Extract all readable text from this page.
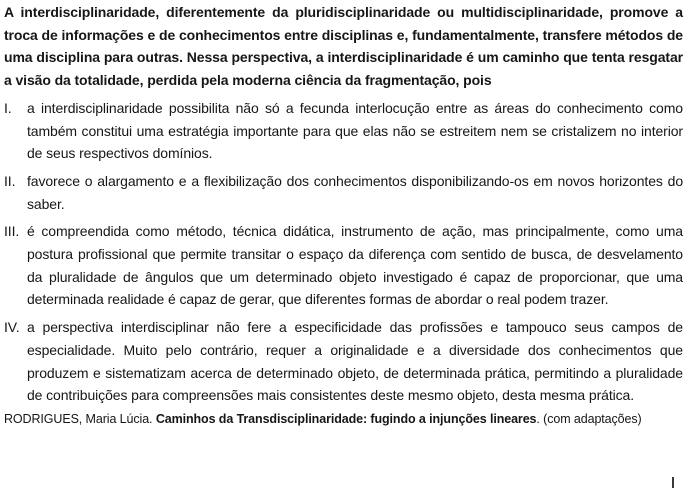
A interdisciplinaridade, diferentemente da pluridisciplinaridade ou multidisciplinaridade, promove a troca de informações e de conhecimentos entre disciplinas e, fundamentalmente, transfere métodos de uma disciplina para outras. Nessa perspectiva, a interdisciplinaridade é um caminho que tenta resgatar a visão da totalidade, perdida pela moderna ciência da fragmentação, pois

I.	a interdisciplinaridade possibilita não só a fecunda interlocução entre as áreas do conhecimento como também constitui uma estratégia importante para que elas não se estreitem nem se cristalizem no interior de seus respectivos domínios.
II. favorece o alargamento e a flexibilização dos conhecimentos disponibilizando-os em novos horizontes do saber.
III. é compreendida como método, técnica didática, instrumento de ação, mas principalmente, como uma postura profissional que permite transitar o espaço da diferença com sentido de busca, de desvelamento da pluralidade de ângulos que um determinado objeto investigado é capaz de proporcionar, que uma determinada realidade é capaz de gerar, que diferentes formas de abordar o real podem trazer.
IV. a perspectiva interdisciplinar não fere a especificidade das profissões e tampouco seus campos de especialidade. Muito pelo contrário, requer a originalidade e a diversidade dos conhecimentos que produzem e sistematizam acerca de determinado objeto, de determinada prática, permitindo a pluralidade de contribuições para compreensões mais consistentes deste mesmo objeto, desta mesma prática.

RODRIGUES, Maria Lúcia. Caminhos da Transdisciplinaridade: fugindo a injunções lineares. (com adaptações)
